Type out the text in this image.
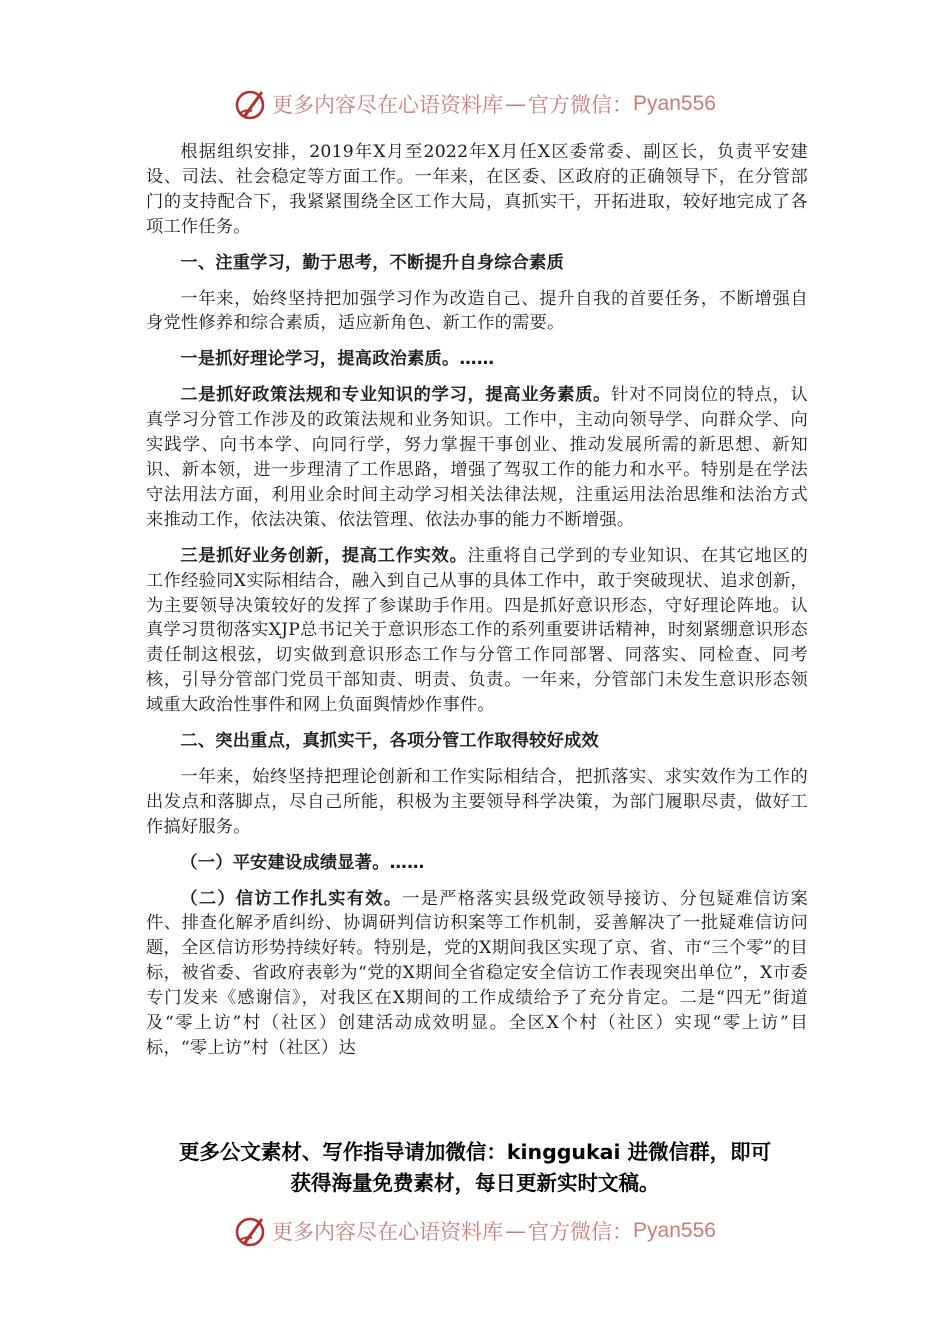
更多内容尽在心语资料库 — 官方微信： Pyan556

根据组织安排，2019年X月至2022年X月任X区委常委、副区长，负责平安建设、司法、社会稳定等方面工作。一年来，在区委、区政府的正确领导下，在分管部门的支持配合下，我紧紧围绕全区工作大局，真抓实干，开拓进取，较好地完成了各项工作任务。

一、注重学习，勤于思考，不断提升自身综合素质

一年来，始终坚持把加强学习作为改造自己、提升自我的首要任务，不断增强自身党性修养和综合素质，适应新角色、新工作的需要。

一是抓好理论学习，提高政治素质。……

二是抓好政策法规和专业知识的学习，提高业务素质。针对不同岗位的特点，认真学习分管工作涉及的政策法规和业务知识。工作中，主动向领导学、向群众学、向实践学、向书本学、向同行学，努力掌握干事创业、推动发展所需的新思想、新知识、新本领，进一步理清了工作思路，增强了驾驭工作的能力和水平。特别是在学法守法用法方面，利用业余时间主动学习相关法律法规，注重运用法治思维和法治方式来推动工作，依法决策、依法管理、依法办事的能力不断增强。

三是抓好业务创新，提高工作实效。注重将自己学到的专业知识、在其它地区的工作经验同X实际相结合，融入到自己从事的具体工作中，敢于突破现状、追求创新，为主要领导决策较好的发挥了参谋助手作用。四是抓好意识形态，守好理论阵地。认真学习贯彻落实XJP总书记关于意识形态工作的系列重要讲话精神，时刻紧绷意识形态责任制这根弦，切实做到意识形态工作与分管工作同部署、同落实、同检查、同考核，引导分管部门党员干部知责、明责、负责。一年来，分管部门未发生意识形态领域重大政治性事件和网上负面舆情炒作事件。

二、突出重点，真抓实干，各项分管工作取得较好成效

一年来，始终坚持把理论创新和工作实际相结合，把抓落实、求实效作为工作的出发点和落脚点，尽自己所能，积极为主要领导科学决策，为部门履职尽责，做好工作搞好服务。

（一）平安建设成绩显著。……

（二）信访工作扎实有效。一是严格落实县级党政领导接访、分包疑难信访案件、排查化解矛盾纠纷、协调研判信访积案等工作机制，妥善解决了一批疑难信访问题，全区信访形势持续好转。特别是，党的X期间我区实现了京、省、市“三个零”的目标，被省委、省政府表彰为“党的X期间全省稳定安全信访工作表现突出单位”，X市委专门发来《感谢信》，对我区在X期间的工作成绩给予了充分肯定。二是“四无”街道及“零上访”村（社区）创建活动成效明显。全区X个村（社区）实现“零上访”目标，“零上访”村（社区）达

更多公文素材、写作指导请加微信：kinggukai 进微信群，即可
获得海量免费素材，每日更新实时文稿。
更多内容尽在心语资料库 — 官方微信： Pyan556
